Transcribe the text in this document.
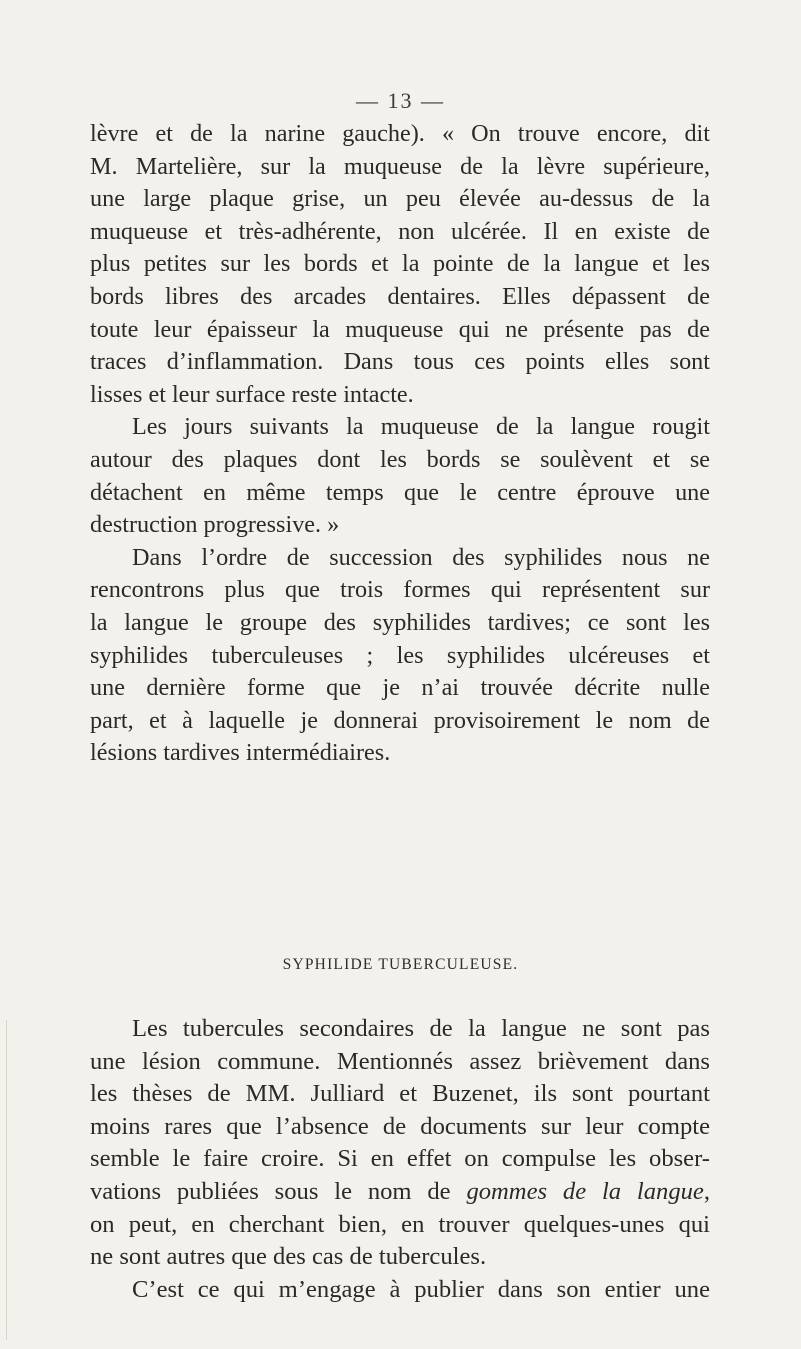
— 13 —
lèvre et de la narine gauche). « On trouve encore, dit
M. Martelière, sur la muqueuse de la lèvre supérieure,
une large plaque grise, un peu élevée au-dessus de la
muqueuse et très-adhérente, non ulcérée. Il en existe de
plus petites sur les bords et la pointe de la langue et les
bords libres des arcades dentaires. Elles dépassent de
toute leur épaisseur la muqueuse qui ne présente pas de
traces d’inflammation. Dans tous ces points elles sont
lisses et leur surface reste intacte.
Les jours suivants la muqueuse de la langue rougit
autour des plaques dont les bords se soulèvent et se
détachent en même temps que le centre éprouve une
destruction progressive. »
Dans l’ordre de succession des syphilides nous ne
rencontrons plus que trois formes qui représentent sur
la langue le groupe des syphilides tardives; ce sont les
syphilides tuberculeuses ; les syphilides ulcéreuses et
une dernière forme que je n’ai trouvée décrite nulle
part, et à laquelle je donnerai provisoirement le nom de
lésions tardives intermédiaires.
SYPHILIDE TUBERCULEUSE.
Les tubercules secondaires de la langue ne sont pas
une lésion commune. Mentionnés assez brièvement dans
les thèses de MM. Julliard et Buzenet, ils sont pourtant
moins rares que l’absence de documents sur leur compte
semble le faire croire. Si en effet on compulse les obser-
vations publiées sous le nom de gommes de la langue,
on peut, en cherchant bien, en trouver quelques-unes qui
ne sont autres que des cas de tubercules.
C’est ce qui m’engage à publier dans son entier une
